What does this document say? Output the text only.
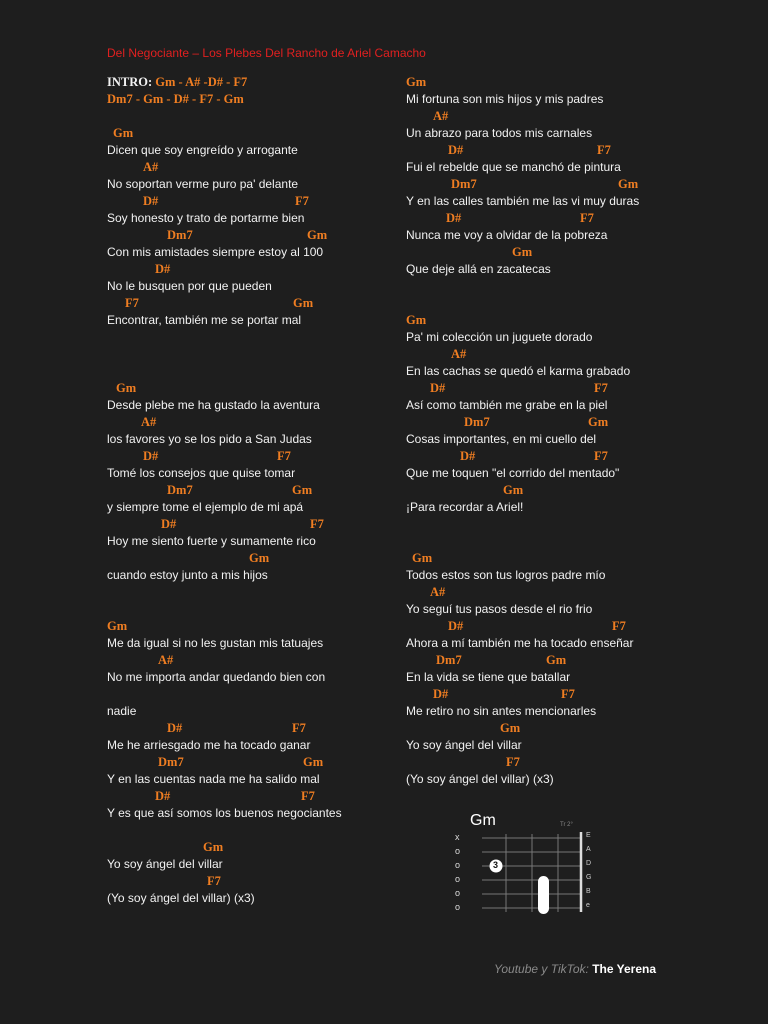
Del Negociante – Los Plebes Del Rancho de Ariel Camacho
INTRO: Gm - A# -D# - F7
Dm7 - Gm - D# - F7 - Gm
Gm
Dicen que soy engreído y arrogante
A#
No soportan verme puro pa' delante
D#	F7
Soy honesto y trato de portarme bien
Dm7	Gm
Con mis amistades siempre estoy al 100
D#
No le busquen por que pueden
F7	Gm
Encontrar, también me se portar mal
Gm
Desde plebe me ha gustado la aventura
A#
los favores yo se los pido a San Judas
D#	F7
Tomé los consejos que quise tomar
Dm7	Gm
y siempre tome el ejemplo de mi apá
D#	F7
Hoy me siento fuerte y sumamente rico
Gm
cuando estoy junto a mis hijos
Gm
Me da igual si no les gustan mis tatuajes
A#
No me importa andar quedando bien con
nadie
D#	F7
Me he arriesgado me ha tocado ganar
Dm7	Gm
Y en las cuentas nada me ha salido mal
D#	F7
Y es que así somos los buenos negociantes
Gm
Yo soy ángel del villar
F7
(Yo soy ángel del villar) (x3)
Gm
Mi fortuna son mis hijos y mis padres
A#
Un abrazo para todos mis carnales
D#	F7
Fui el rebelde que se manchó de pintura
Dm7	Gm
Y en las calles también me las vi muy duras
D#	F7
Nunca me voy a olvidar de la pobreza
Gm
Que deje allá en zacatecas
Gm
Pa' mi colección un juguete dorado
A#
En las cachas se quedó el karma grabado
D#	F7
Así como también me grabe en la piel
Dm7	Gm
Cosas importantes, en mi cuello del
D#	F7
Que me toquen "el corrido del mentado"
Gm
¡Para recordar a Ariel!
Gm
Todos estos son tus logros padre mío
A#
Yo seguí tus pasos desde el rio frio
D#	F7
Ahora a mí también me ha tocado enseñar
Dm7	Gm
En la vida se tiene que batallar
D#	F7
Me retiro no sin antes mencionarles
Gm
Yo soy ángel del villar
F7
(Yo soy ángel del villar) (x3)
Gm	Tr 2°
3
x
o
o
o
o
o
E
A
D
G
B
e
Youtube y TikTok: The Yerena
